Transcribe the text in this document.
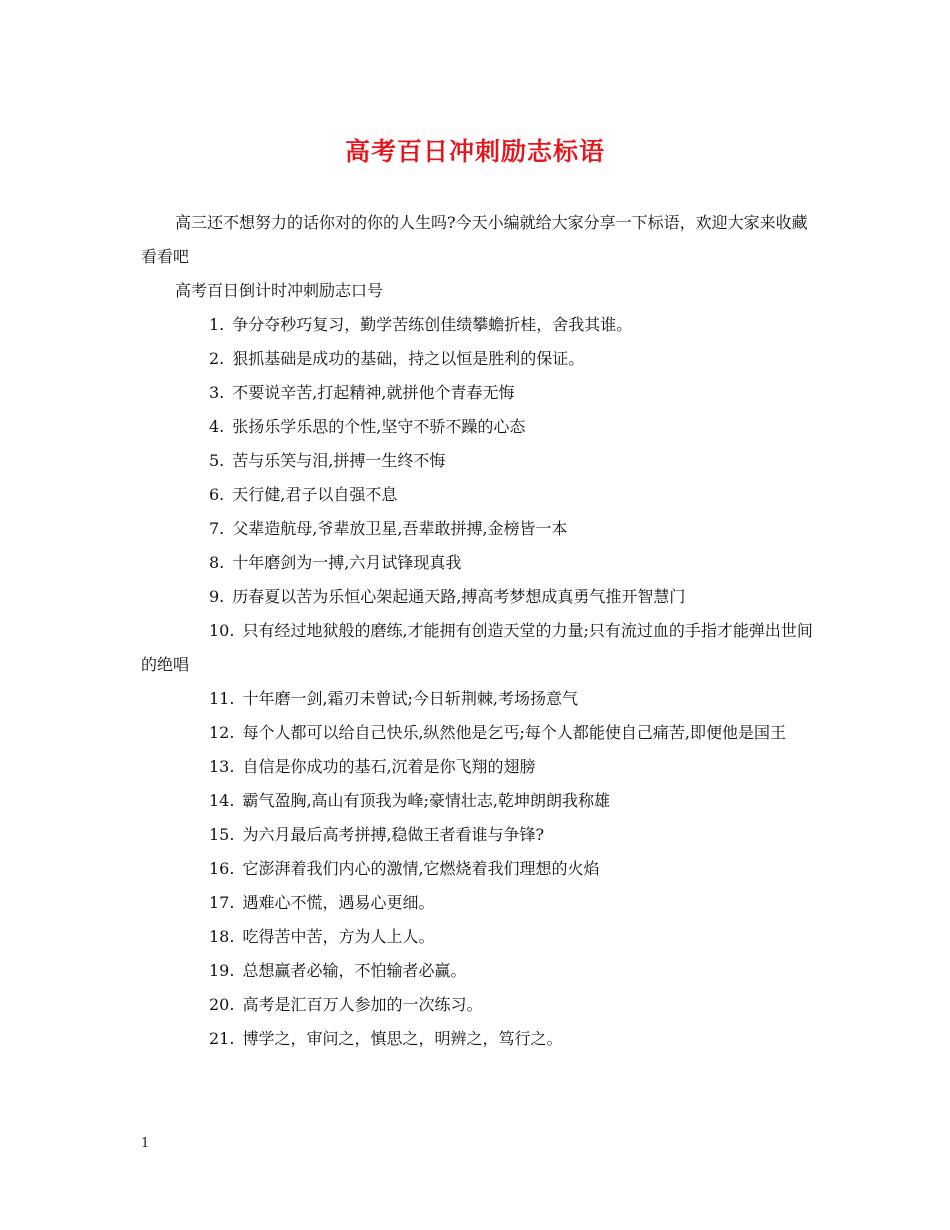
高考百日冲刺励志标语

高三还不想努力的话你对的你的人生吗?今天小编就给大家分享一下标语，欢迎大家来收藏看看吧

高考百日倒计时冲刺励志口号

1. 争分夺秒巧复习，勤学苦练创佳绩攀蟾折桂，舍我其谁。

2. 狠抓基础是成功的基础，持之以恒是胜利的保证。

3. 不要说辛苦,打起精神,就拼他个青春无悔

4. 张扬乐学乐思的个性,坚守不骄不躁的心态

5. 苦与乐笑与泪,拼搏一生终不悔

6. 天行健,君子以自强不息

7. 父辈造航母,爷辈放卫星,吾辈敢拼搏,金榜皆一本

8. 十年磨剑为一搏,六月试锋现真我

9. 历春夏以苦为乐恒心架起通天路,搏高考梦想成真勇气推开智慧门

10. 只有经过地狱般的磨练,才能拥有创造天堂的力量;只有流过血的手指才能弹出世间的绝唱

11. 十年磨一剑,霜刃未曾试;今日斩荆棘,考场扬意气

12. 每个人都可以给自己快乐,纵然他是乞丐;每个人都能使自己痛苦,即便他是国王

13. 自信是你成功的基石,沉着是你飞翔的翅膀

14. 霸气盈胸,高山有顶我为峰;豪情壮志,乾坤朗朗我称雄

15. 为六月最后高考拼搏,稳做王者看谁与争锋?

16. 它澎湃着我们内心的激情,它燃烧着我们理想的火焰

17. 遇难心不慌，遇易心更细。

18. 吃得苦中苦，方为人上人。

19. 总想赢者必输，不怕输者必赢。

20. 高考是汇百万人参加的一次练习。

21. 博学之，审问之，慎思之，明辨之，笃行之。

1
